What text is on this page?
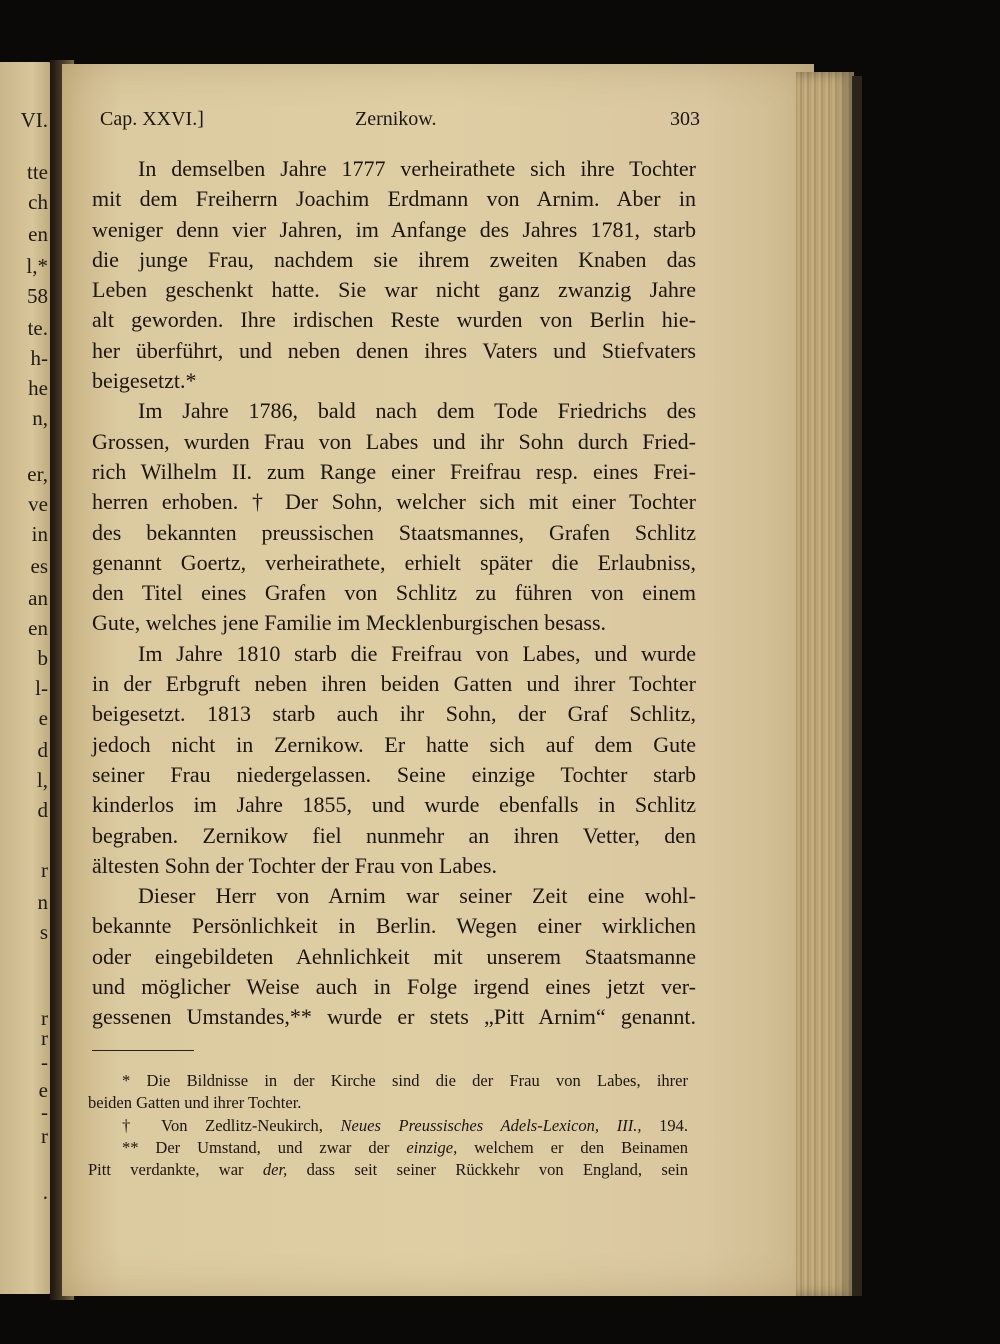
VI.

tte

ch

en

l,*

58

te.

h-

he

n,

er,

ve

in

es

an

en

b

l-

e

d

l,

d

r

n

s

r

r

-

e

-

r

.

Cap. XXVI.]	Zernikow.	303
In demselben Jahre 1777 verheirathete sich ihre Tochter
mit dem Freiherrn Joachim Erdmann von Arnim. Aber in
weniger denn vier Jahren, im Anfange des Jahres 1781, starb
die junge Frau, nachdem sie ihrem zweiten Knaben das
Leben geschenkt hatte. Sie war nicht ganz zwanzig Jahre
alt geworden. Ihre irdischen Reste wurden von Berlin hie-
her überführt, und neben denen ihres Vaters und Stiefvaters
beigesetzt.*
Im Jahre 1786, bald nach dem Tode Friedrichs des
Grossen, wurden Frau von Labes und ihr Sohn durch Fried-
rich Wilhelm II. zum Range einer Freifrau resp. eines Frei-
herren erhoben. † Der Sohn, welcher sich mit einer Tochter
des bekannten preussischen Staatsmannes, Grafen Schlitz
genannt Goertz, verheirathete, erhielt später die Erlaubniss,
den Titel eines Grafen von Schlitz zu führen von einem
Gute, welches jene Familie im Mecklenburgischen besass.
Im Jahre 1810 starb die Freifrau von Labes, und wurde
in der Erbgruft neben ihren beiden Gatten und ihrer Tochter
beigesetzt. 1813 starb auch ihr Sohn, der Graf Schlitz,
jedoch nicht in Zernikow. Er hatte sich auf dem Gute
seiner Frau niedergelassen. Seine einzige Tochter starb
kinderlos im Jahre 1855, und wurde ebenfalls in Schlitz
begraben. Zernikow fiel nunmehr an ihren Vetter, den
ältesten Sohn der Tochter der Frau von Labes.
Dieser Herr von Arnim war seiner Zeit eine wohl-
bekannte Persönlichkeit in Berlin. Wegen einer wirklichen
oder eingebildeten Aehnlichkeit mit unserem Staatsmanne
und möglicher Weise auch in Folge irgend eines jetzt ver-
gessenen Umstandes,** wurde er stets „Pitt Arnim“ genannt.
* Die Bildnisse in der Kirche sind die der Frau von Labes, ihrer
beiden Gatten und ihrer Tochter.
† Von Zedlitz-Neukirch, Neues Preussisches Adels-Lexicon, III., 194.
** Der Umstand, und zwar der einzige, welchem er den Beinamen
Pitt verdankte, war der, dass seit seiner Rückkehr von England, sein
